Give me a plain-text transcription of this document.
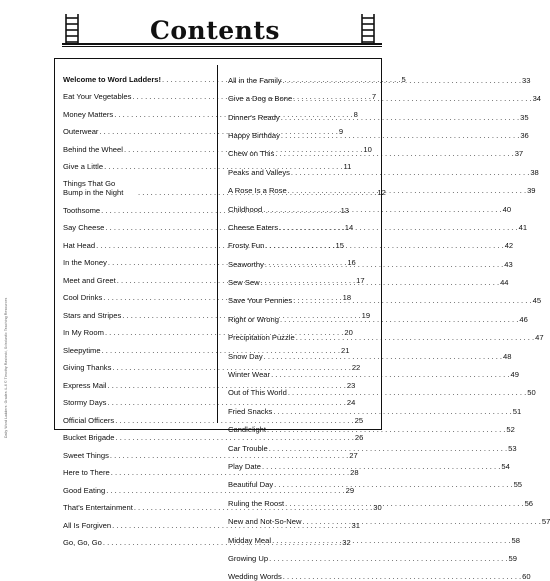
Contents
Daily Word Ladders: Grades 4–6 © Timothy Rasinski, Scholastic Teaching Resources
Welcome to Word Ladders! . . .	5
Eat Your Vegetables . . .	7
Money Matters . . .	8
Outerwear . . .	9
Behind the Wheel . . .	10
Give a Little . . .	11
Things That Go Bump in the Night . . .	12
Toothsome . . .	13
Say Cheese . . .	14
Hat Head . . .	15
In the Money . . .	16
Meet and Greet . . .	17
Cool Drinks . . .	18
Stars and Stripes . . .	19
In My Room . . .	20
Sleepytime . . .	21
Giving Thanks . . .	22
Express Mail . . .	23
Stormy Days . . .	24
Official Officers . . .	25
Bucket Brigade . . .	26
Sweet Things . . .	27
Here to There . . .	28
Good Eating . . .	29
That's Entertainment . . .	30
All Is Forgiven . . .	31
Go, Go, Go . . .	32
All in the Family . . .	33
Give a Dog a Bone . . .	34
Dinner's Ready . . .	35
Happy Birthday . . .	36
Chew on This . . .	37
Peaks and Valleys . . .	38
A Rose Is a Rose . . .	39
Childhood . . .	40
Cheese Eaters . . .	41
Frosty Fun . . .	42
Seaworthy . . .	43
Sew Sew . . .	44
Save Your Pennies . . .	45
Right or Wrong . . .	46
Precipitation Puzzle . . .	47
Snow Day . . .	48
Winter Wear . . .	49
Out of This World . . .	50
Fried Snacks . . .	51
Candlelight . . .	52
Car Trouble . . .	53
Play Date . . .	54
Beautiful Day . . .	55
Ruling the Roost . . .	56
New and Not-So-New . . .	57
Midday Meal . . .	58
Growing Up . . .	59
Wedding Words . . .	60
